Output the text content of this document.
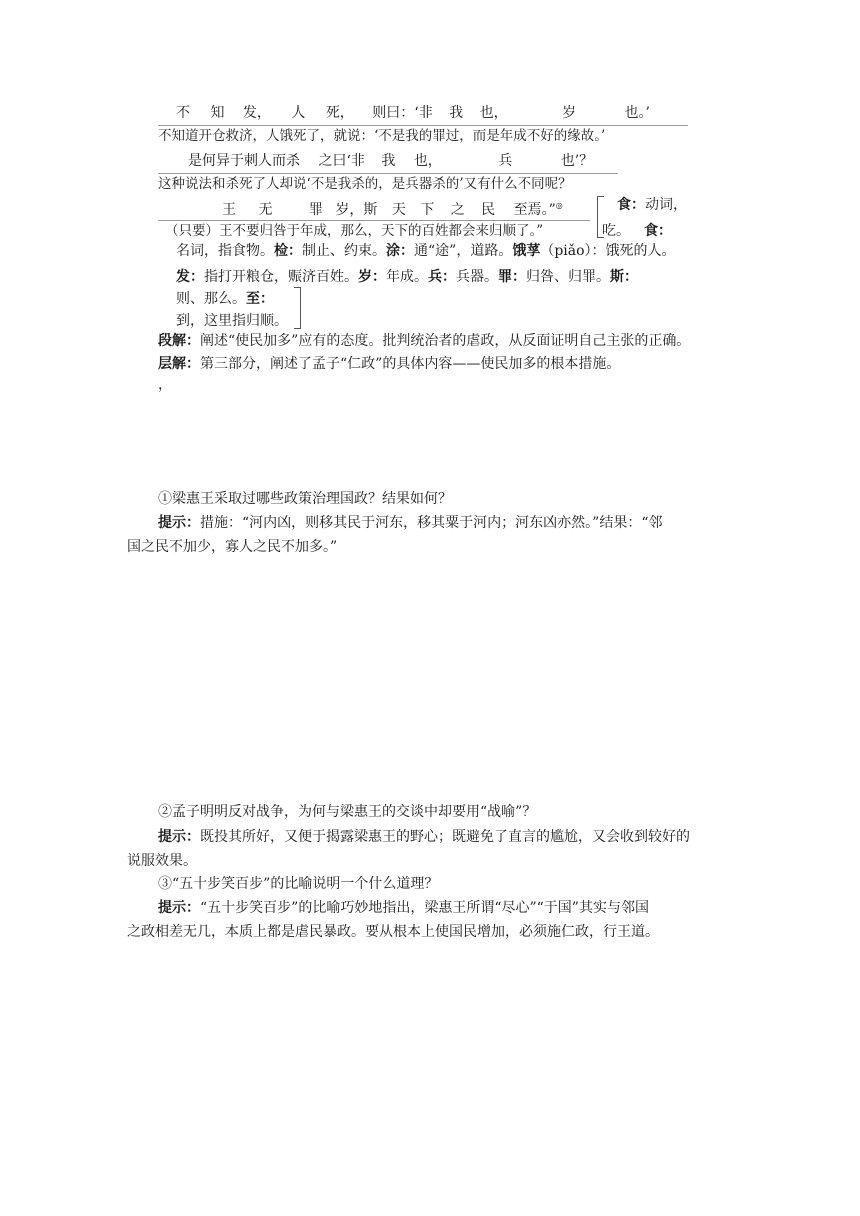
不 知 发， 人 死， 则曰：‘非 我 也，	岁	也。’
不知道开仓救济，人饿死了，就说：‘不是我的罪过，而是年成不好的缘故。’
是何异于刺人而杀 之曰‘非 我 也，	兵	也’？
这种说法和杀死了人却说‘不是我杀的，是兵器杀的’又有什么不同呢？
王 无	罪 岁，斯 天 下 之 民 至焉。”◎
（只要）王不要归咎于年成，那么，天下的百姓都会来归顺了。”
食：动词，
吃。 食：
名词，指食物。检：制止、约束。涂：通“途”，道路。饿莩（piǎo）：饿死的人。
发：指打开粮仓，赈济百姓。岁：年成。兵：兵器。罪：归咎、归罪。斯：
则、那么。至：
到，这里指归顺。
段解：阐述“使民加多”应有的态度。批判统治者的虐政，从反面证明自己主张的正确。
层解：第三部分，阐述了孟子“仁政”的具体内容——使民加多的根本措施。
，
①梁惠王采取过哪些政策治理国政？结果如何？
提示：措施：“河内凶，则移其民于河东，移其粟于河内；河东凶亦然。”结果：“邻
国之民不加少，寡人之民不加多。”
②孟子明明反对战争，为何与梁惠王的交谈中却要用“战喻”？
提示：既投其所好，又便于揭露梁惠王的野心；既避免了直言的尴尬，又会收到较好的
说服效果。
③“五十步笑百步”的比喻说明一个什么道理？
提示：“五十步笑百步”的比喻巧妙地指出，梁惠王所谓“尽心”“于国”其实与邻国
之政相差无几，本质上都是虐民暴政。要从根本上使国民增加，必须施仁政，行王道。
